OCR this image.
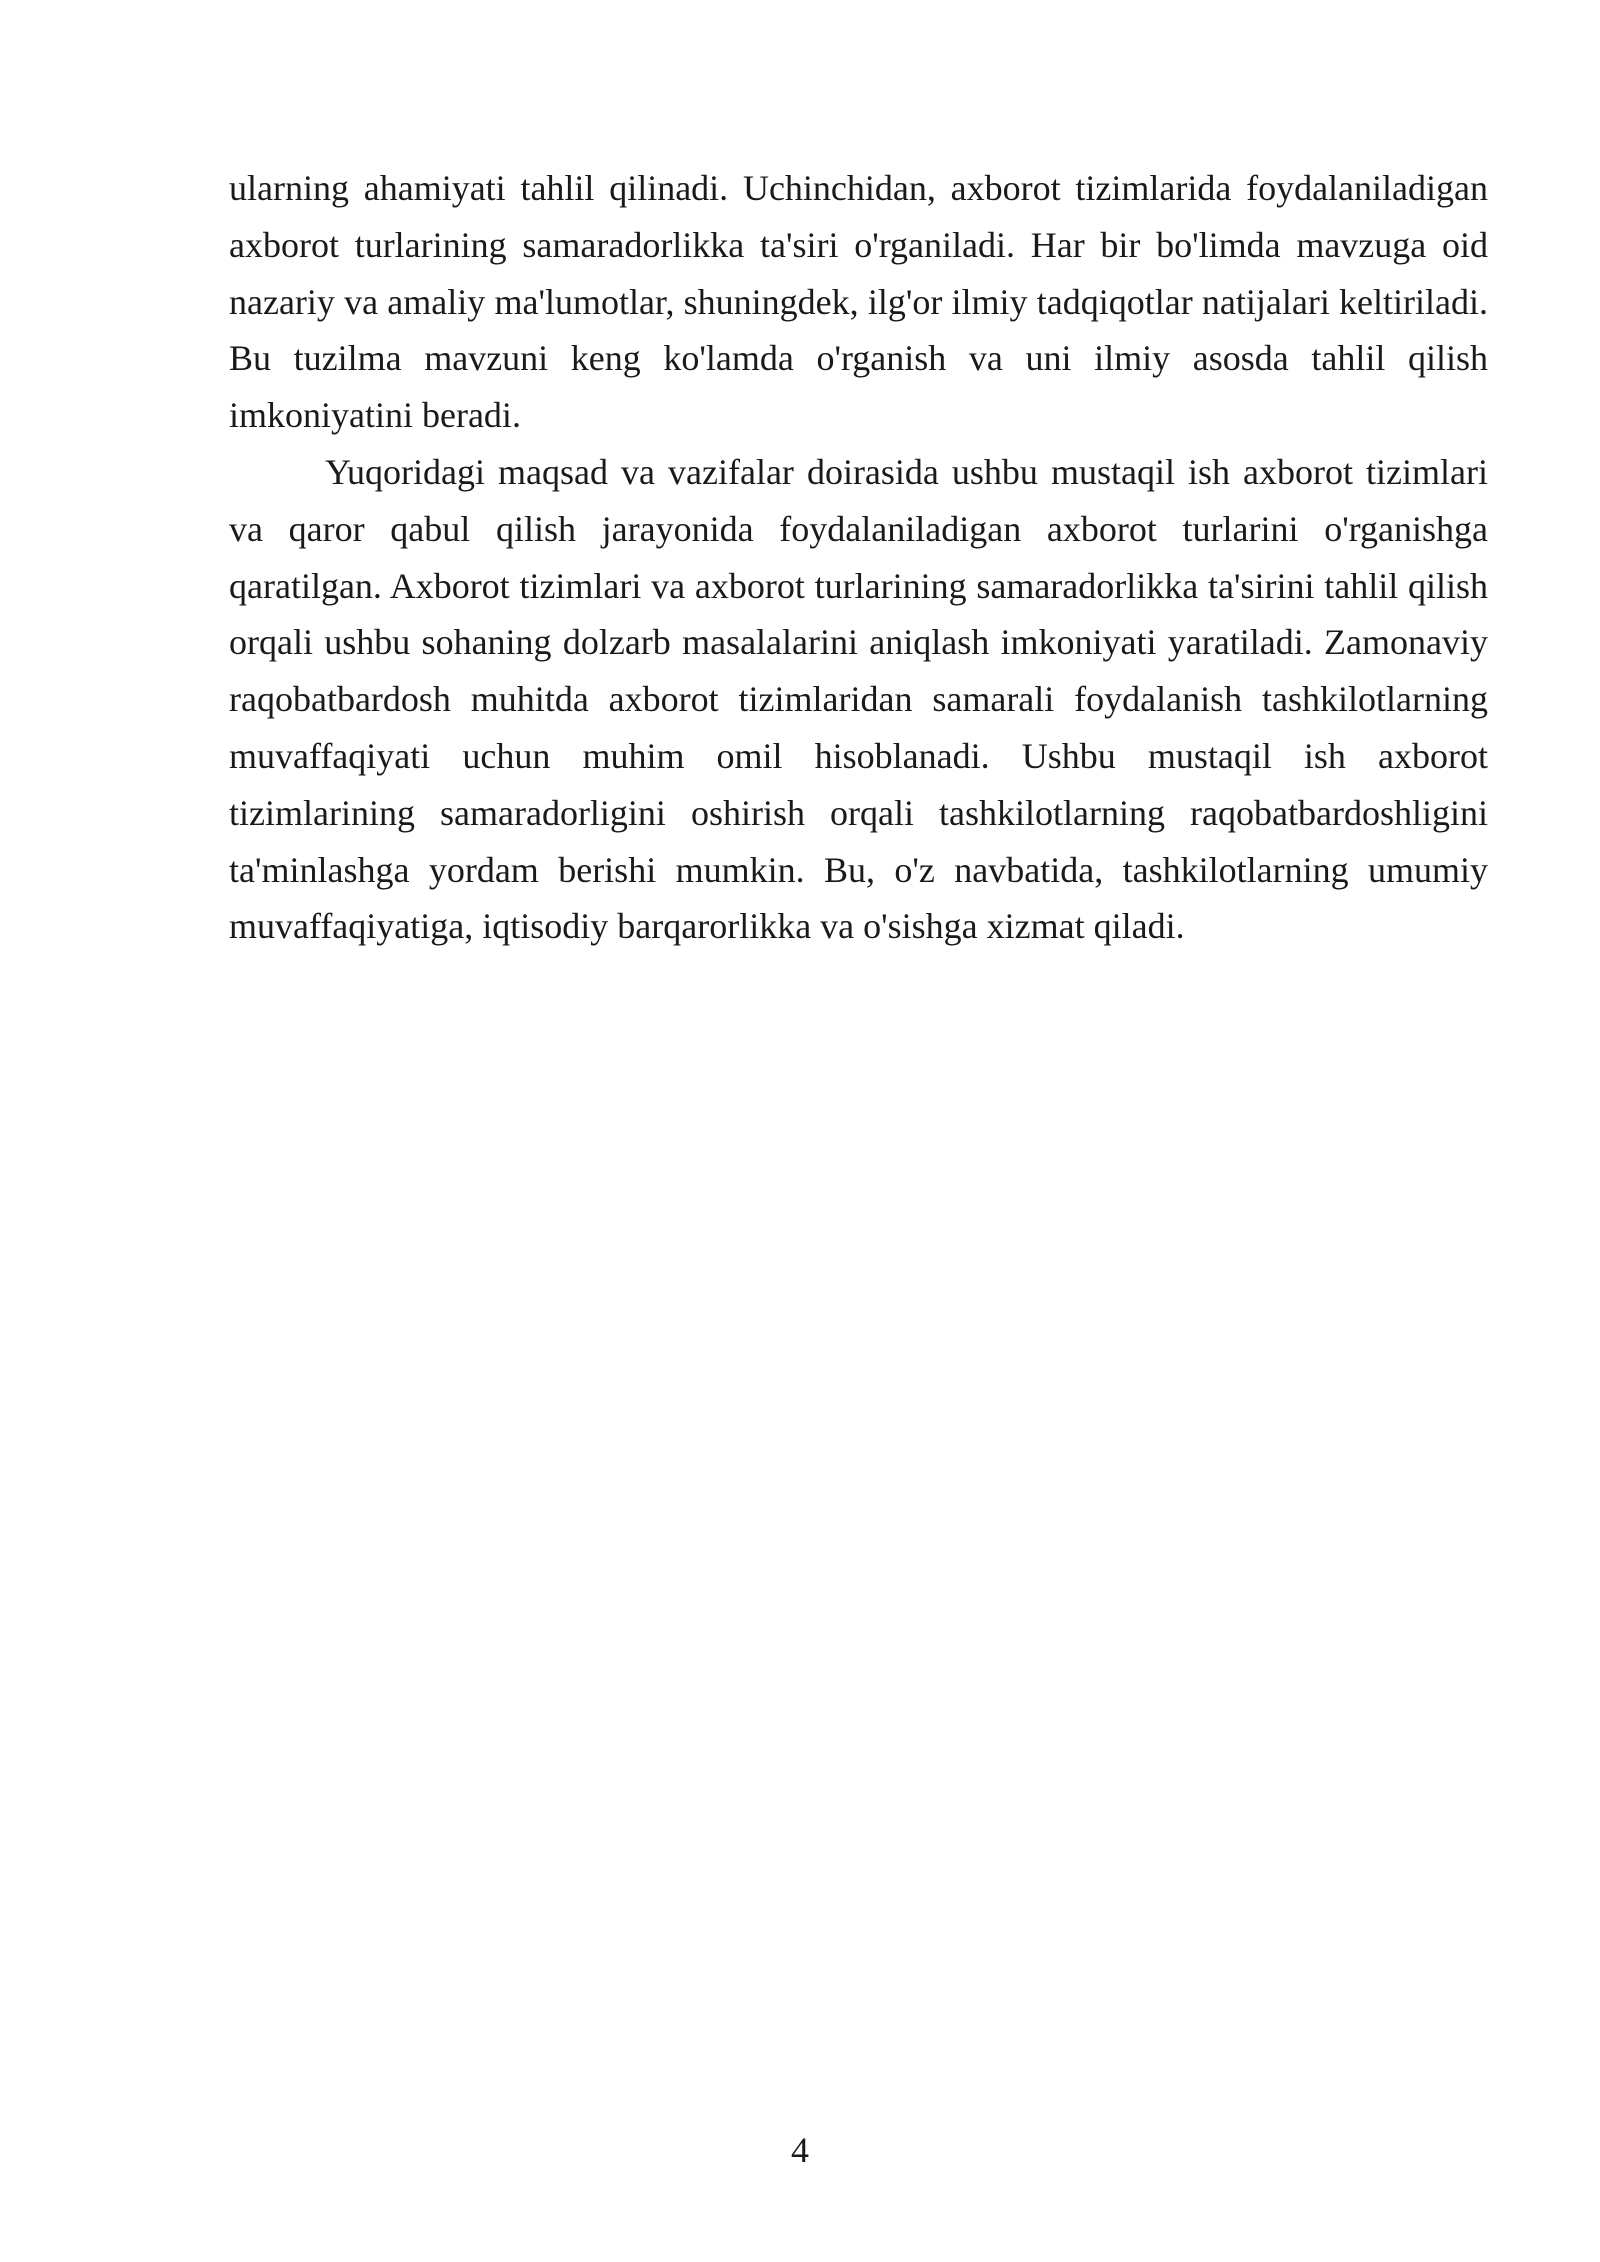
ularning ahamiyati tahlil qilinadi. Uchinchidan, axborot tizimlarida foydalaniladigan axborot turlarining samaradorlikka ta'siri o'rganiladi. Har bir bo'limda mavzuga oid nazariy va amaliy ma'lumotlar, shuningdek, ilg'or ilmiy tadqiqotlar natijalari keltiriladi. Bu tuzilma mavzuni keng ko'lamda o'rganish va uni ilmiy asosda tahlil qilish imkoniyatini beradi.

Yuqoridagi maqsad va vazifalar doirasida ushbu mustaqil ish axborot tizimlari va qaror qabul qilish jarayonida foydalaniladigan axborot turlarini o'rganishga qaratilgan. Axborot tizimlari va axborot turlarining samaradorlikka ta'sirini tahlil qilish orqali ushbu sohaning dolzarb masalalarini aniqlash imkoniyati yaratiladi. Zamonaviy raqobatbardosh muhitda axborot tizimlaridan samarali foydalanish tashkilotlarning muvaffaqiyati uchun muhim omil hisoblanadi. Ushbu mustaqil ish axborot tizimlarining samaradorligini oshirish orqali tashkilotlarning raqobatbardoshligini ta'minlashga yordam berishi mumkin. Bu, o'z navbatida, tashkilotlarning umumiy muvaffaqiyatiga, iqtisodiy barqarorlikka va o'sishga xizmat qiladi.

4
